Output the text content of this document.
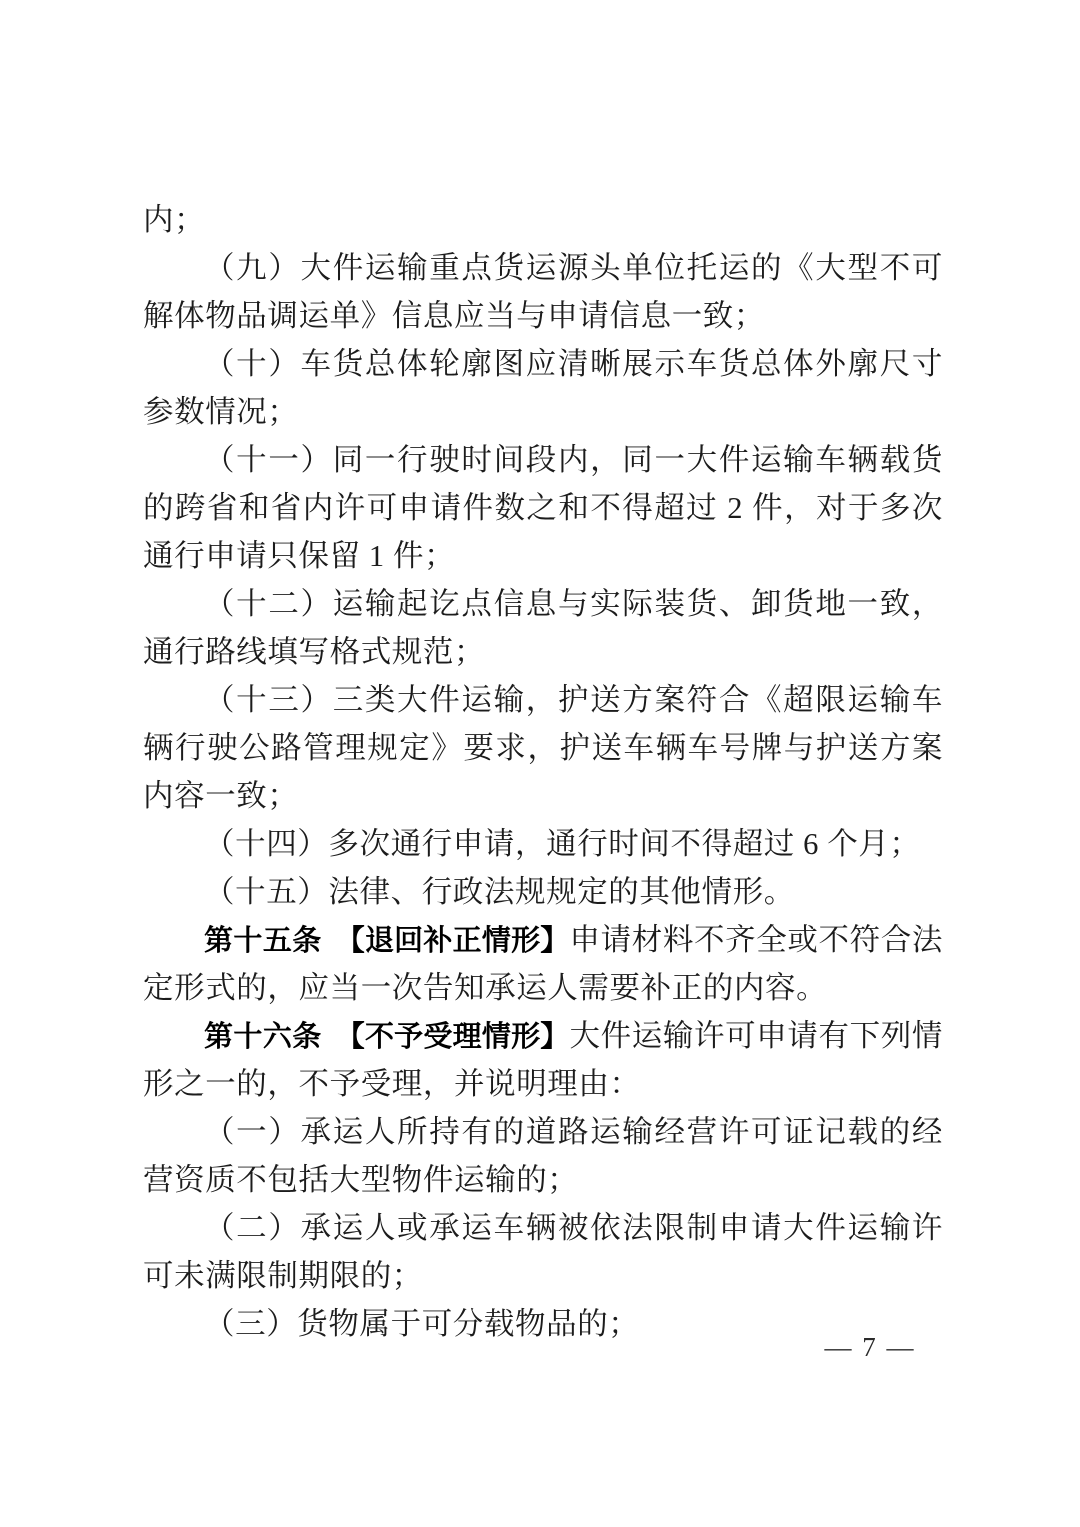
内；

（九）大件运输重点货运源头单位托运的《大型不可解体物品调运单》信息应当与申请信息一致；

（十）车货总体轮廓图应清晰展示车货总体外廓尺寸参数情况；

（十一）同一行驶时间段内，同一大件运输车辆载货的跨省和省内许可申请件数之和不得超过 2 件，对于多次通行申请只保留 1 件；

（十二）运输起讫点信息与实际装货、卸货地一致，通行路线填写格式规范；

（十三）三类大件运输，护送方案符合《超限运输车辆行驶公路管理规定》要求，护送车辆车号牌与护送方案内容一致；

（十四）多次通行申请，通行时间不得超过 6 个月；

（十五）法律、行政法规规定的其他情形。

第十五条 【退回补正情形】申请材料不齐全或不符合法定形式的，应当一次告知承运人需要补正的内容。

第十六条 【不予受理情形】大件运输许可申请有下列情形之一的，不予受理，并说明理由：

（一）承运人所持有的道路运输经营许可证记载的经营资质不包括大型物件运输的；

（二）承运人或承运车辆被依法限制申请大件运输许可未满限制期限的；

（三）货物属于可分载物品的；

— 7 —
